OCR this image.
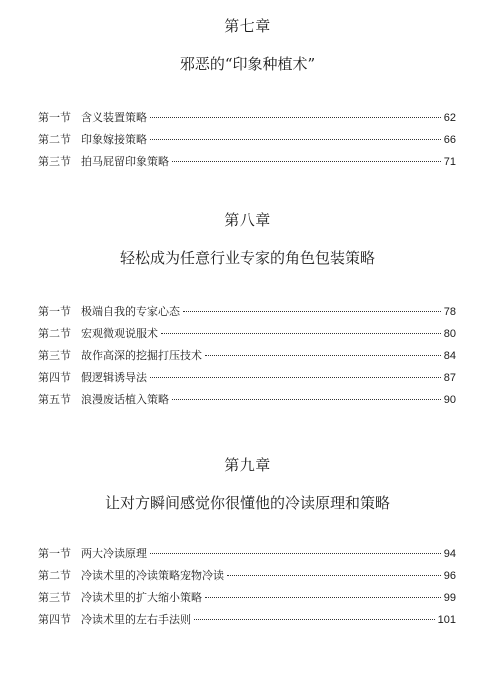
第七章
邪恶的“印象种植术”
第一节 含义装置策略	62
第二节 印象嫁接策略	66
第三节 拍马屁留印象策略	71
第八章
轻松成为任意行业专家的角色包装策略
第一节 极端自我的专家心态	78
第二节 宏观微观说服术	80
第三节 故作高深的挖掘打压技术	84
第四节 假逻辑诱导法	87
第五节 浪漫废话植入策略	90
第九章
让对方瞬间感觉你很懂他的冷读原理和策略
第一节 两大冷读原理	94
第二节 冷读术里的冷读策略宠物冷读	96
第三节 冷读术里的扩大缩小策略	99
第四节 冷读术里的左右手法则	101
